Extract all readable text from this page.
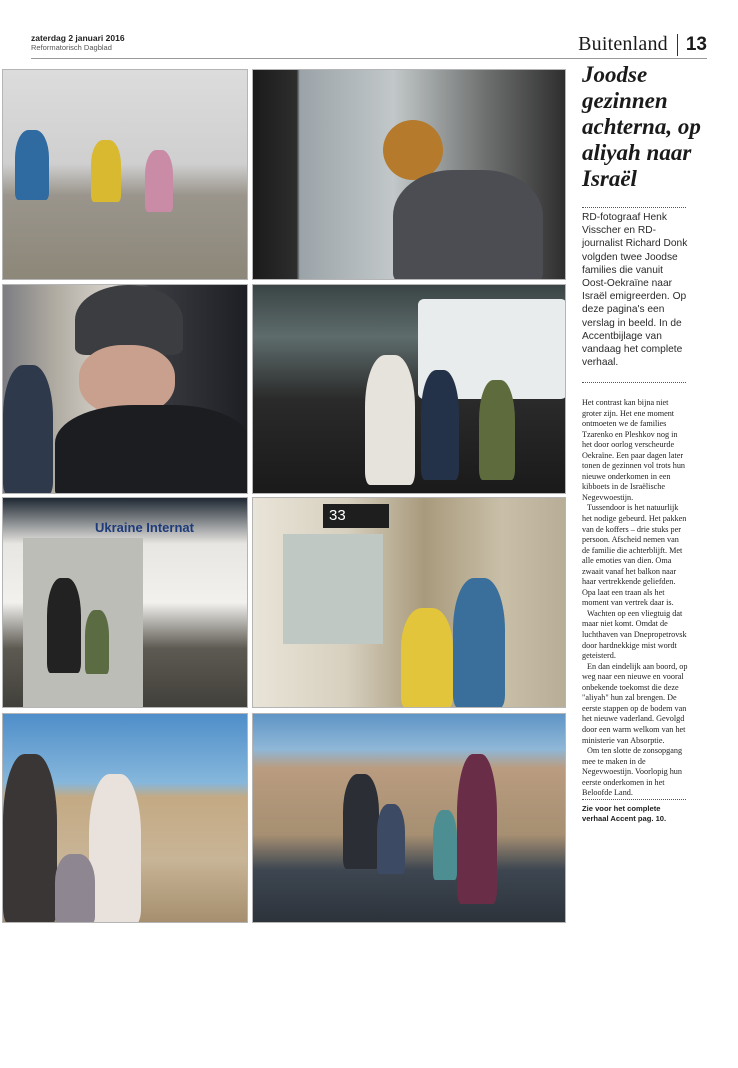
zaterdag 2 januari 2016
Reformatorisch Dagblad	Buitenland 13
Ukraine Internat
33
Joodse gezinnen achterna, op aliyah naar Israël

RD-fotograaf Henk Visscher en RD-journalist Richard Donk volgden twee Joodse families die vanuit Oost-Oekraïne naar Israël emigreerden. Op deze pagina's een verslag in beeld. In de Accentbijlage van vandaag het complete verhaal.

Het contrast kan bijna niet groter zijn. Het ene moment ontmoeten we de families Tzarenko en Pleshkov nog in het door oorlog verscheurde Oekraïne. Een paar dagen later tonen de gezinnen vol trots hun nieuwe onderkomen in een kibboets in de Israëlische Negevwoestijn.

Tussendoor is het natuurlijk het nodige gebeurd. Het pakken van de koffers – drie stuks per persoon. Afscheid nemen van de familie die achterblijft. Met alle emoties van dien. Oma zwaait vanaf het balkon naar haar vertrekkende geliefden. Opa laat een traan als het moment van vertrek daar is.

Wachten op een vliegtuig dat maar niet komt. Omdat de luchthaven van Dnepropetrovsk door hardnekkige mist wordt geteisterd.

En dan eindelijk aan boord, op weg naar een nieuwe en vooral onbekende toekomst die deze "aliyah" hun zal brengen. De eerste stappen op de bodem van het nieuwe vaderland. Gevolgd door een warm welkom van het ministerie van Absorptie.

Om ten slotte de zonsopgang mee te maken in de Negevwoestijn. Voorlopig hun eerste onderkomen in het Beloofde Land.

Zie voor het complete verhaal Accent pag. 10.
